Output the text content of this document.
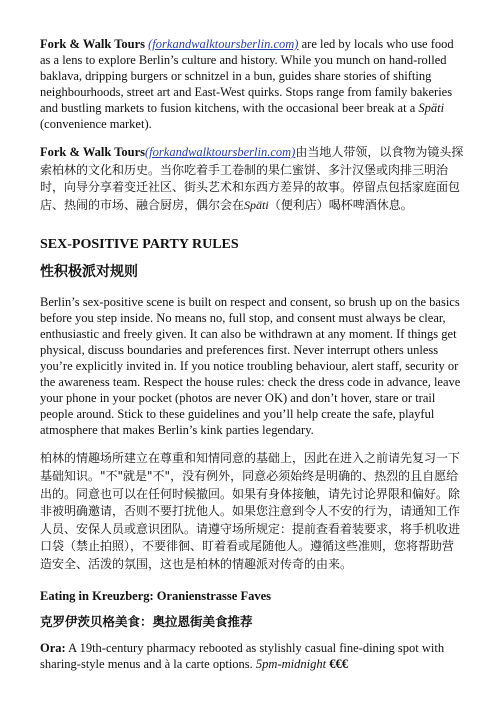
Fork & Walk Tours (forkandwalktoursberlin.com) are led by locals who use food as a lens to explore Berlin’s culture and history. While you munch on hand-rolled baklava, dripping burgers or schnitzel in a bun, guides share stories of shifting neighbourhoods, street art and East-West quirks. Stops range from family bakeries and bustling markets to fusion kitchens, with the occasional beer break at a Späti (convenience market).

Fork & Walk Tours(forkandwalktoursberlin.com)由当地人带领，以食物为镜头探索柏林的文化和历史。当你吃着手工卷制的果仁蜜饼、多汁汉堡或肉排三明治时，向导分享着变迁社区、街头艺术和东西方差异的故事。停留点包括家庭面包店、热闹的市场、融合厨房，偶尔会在Späti（便利店）喝杯啤酒休息。

SEX-POSITIVE PARTY RULES
性积极派对规则

Berlin’s sex-positive scene is built on respect and consent, so brush up on the basics before you step inside. No means no, full stop, and consent must always be clear, enthusiastic and freely given. It can also be withdrawn at any moment. If things get physical, discuss boundaries and preferences first. Never interrupt others unless you’re explicitly invited in. If you notice troubling behaviour, alert staff, security or the awareness team. Respect the house rules: check the dress code in advance, leave your phone in your pocket (photos are never OK) and don’t hover, stare or trail people around. Stick to these guidelines and you’ll help create the safe, playful atmosphere that makes Berlin’s kink parties legendary.

柏林的情趣场所建立在尊重和知情同意的基础上，因此在进入之前请先复习一下基础知识。"不"就是"不"，没有例外，同意必须始终是明确的、热烈的且自愿给出的。同意也可以在任何时候撤回。如果有身体接触，请先讨论界限和偏好。除非被明确邀请，否则不要打扰他人。如果您注意到令人不安的行为，请通知工作人员、安保人员或意识团队。请遵守场所规定：提前查看着装要求，将手机收进口袋（禁止拍照），不要徘徊、盯着看或尾随他人。遵循这些准则，您将帮助营造安全、活泼的氛围，这也是柏林的情趣派对传奇的由来。

Eating in Kreuzberg: Oranienstrasse Faves
克罗伊茨贝格美食：奥拉恩街美食推荐

Ora: A 19th-century pharmacy rebooted as stylishly casual fine-dining spot with sharing-style menus and à la carte options. 5pm-midnight €€€
